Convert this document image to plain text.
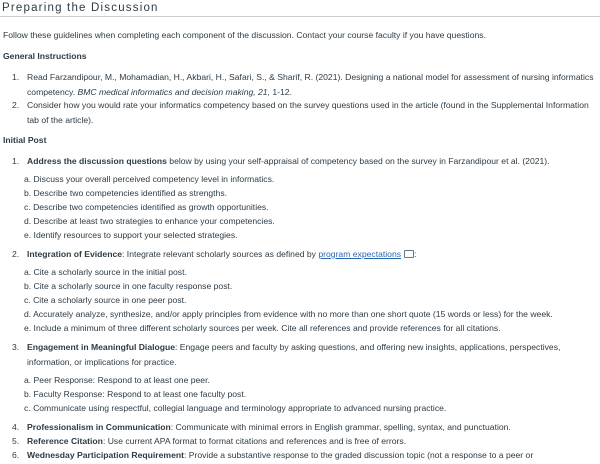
Preparing the Discussion

Follow these guidelines when completing each component of the discussion. Contact your course faculty if you have questions.

General Instructions

1. Read Farzandipour, M., Mohamadian, H., Akbari, H., Safari, S., & Sharif, R. (2021). Designing a national model for assessment of nursing informatics competency. BMC medical informatics and decision making, 21, 1-12.
2. Consider how you would rate your informatics competency based on the survey questions used in the article (found in the Supplemental Information tab of the article).

Initial Post

1. Address the discussion questions below by using your self-appraisal of competency based on the survey in Farzandipour et al. (2021).
a. Discuss your overall perceived competency level in informatics.
b. Describe two competencies identified as strengths.
c. Describe two competencies identified as growth opportunities.
d. Describe at least two strategies to enhance your competencies.
e. Identify resources to support your selected strategies.
2. Integration of Evidence: Integrate relevant scholarly sources as defined by program expectations :
a. Cite a scholarly source in the initial post.
b. Cite a scholarly source in one faculty response post.
c. Cite a scholarly source in one peer post.
d. Accurately analyze, synthesize, and/or apply principles from evidence with no more than one short quote (15 words or less) for the week.
e. Include a minimum of three different scholarly sources per week. Cite all references and provide references for all citations.
3. Engagement in Meaningful Dialogue: Engage peers and faculty by asking questions, and offering new insights, applications, perspectives, information, or implications for practice.
a. Peer Response: Respond to at least one peer.
b. Faculty Response: Respond to at least one faculty post.
c. Communicate using respectful, collegial language and terminology appropriate to advanced nursing practice.
4. Professionalism in Communication: Communicate with minimal errors in English grammar, spelling, syntax, and punctuation.
5. Reference Citation: Use current APA format to format citations and references and is free of errors.
6. Wednesday Participation Requirement: Provide a substantive response to the graded discussion topic (not a response to a peer or
